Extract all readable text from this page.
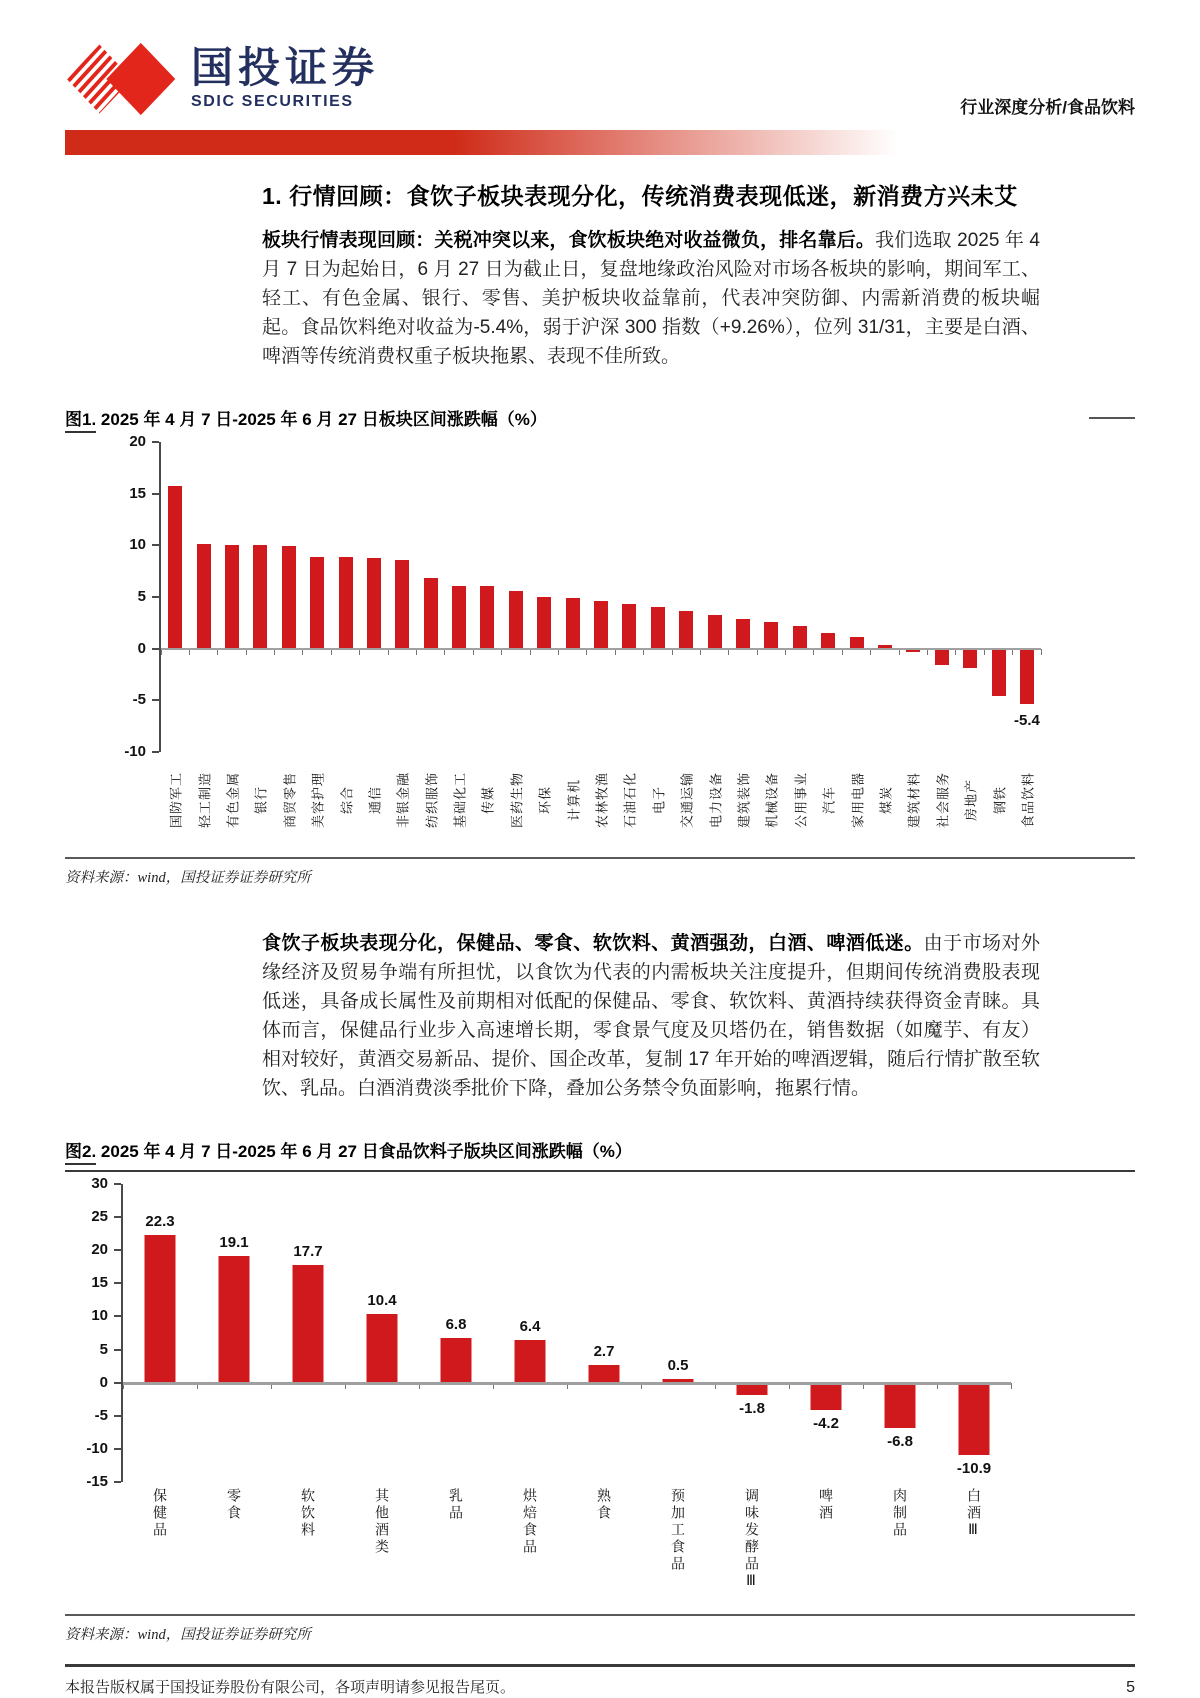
国投证券
SDIC SECURITIES	行业深度分析/食品饮料
1. 行情回顾：食饮子板块表现分化，传统消费表现低迷，新消费方兴未艾
板块行情表现回顾：关税冲突以来，食饮板块绝对收益微负，排名靠后。我们选取 2025 年 4 月 7 日为起始日，6 月 27 日为截止日，复盘地缘政治风险对市场各板块的影响，期间军工、轻工、有色金属、银行、零售、美护板块收益靠前，代表冲突防御、内需新消费的板块崛起。食品饮料绝对收益为-5.4%，弱于沪深 300 指数（+9.26%），位列 31/31，主要是白酒、啤酒等传统消费权重子板块拖累、表现不佳所致。
图1. 2025 年 4 月 7 日-2025 年 6 月 27 日板块区间涨跌幅（%）
20
15
10
5
0
-5
-10
-5.4
国防军工 轻工制造 有色金属 银行 商贸零售 美容护理 综合 通信 非银金融 纺织服饰 基础化工 传媒 医药生物 环保 计算机 农林牧渔 石油石化 电子 交通运输 电力设备 建筑装饰 机械设备 公用事业 汽车 家用电器 煤炭 建筑材料 社会服务 房地产 钢铁 食品饮料
资料来源：wind，国投证券证券研究所
食饮子板块表现分化，保健品、零食、软饮料、黄酒强劲，白酒、啤酒低迷。由于市场对外缘经济及贸易争端有所担忧，以食饮为代表的内需板块关注度提升，但期间传统消费股表现低迷，具备成长属性及前期相对低配的保健品、零食、软饮料、黄酒持续获得资金青睐。具体而言，保健品行业步入高速增长期，零食景气度及贝塔仍在，销售数据（如魔芋、有友）相对较好，黄酒交易新品、提价、国企改革，复制 17 年开始的啤酒逻辑，随后行情扩散至软饮、乳品。白酒消费淡季批价下降，叠加公务禁令负面影响，拖累行情。
图2. 2025 年 4 月 7 日-2025 年 6 月 27 日食品饮料子版块区间涨跌幅（%）
30
25
20
15
10
5
0
-5
-10
-15
22.3
19.1
17.7
10.4
6.8	6.4
2.7
0.5
-1.8
-4.2
-6.8
-10.9
保健品	零食	软饮料	其他酒类	乳品	烘焙食品	熟食	预加工食品	调味发酵品Ⅲ	啤酒	肉制品	白酒Ⅲ
资料来源：wind，国投证券证券研究所
本报告版权属于国投证券股份有限公司，各项声明请参见报告尾页。	5
